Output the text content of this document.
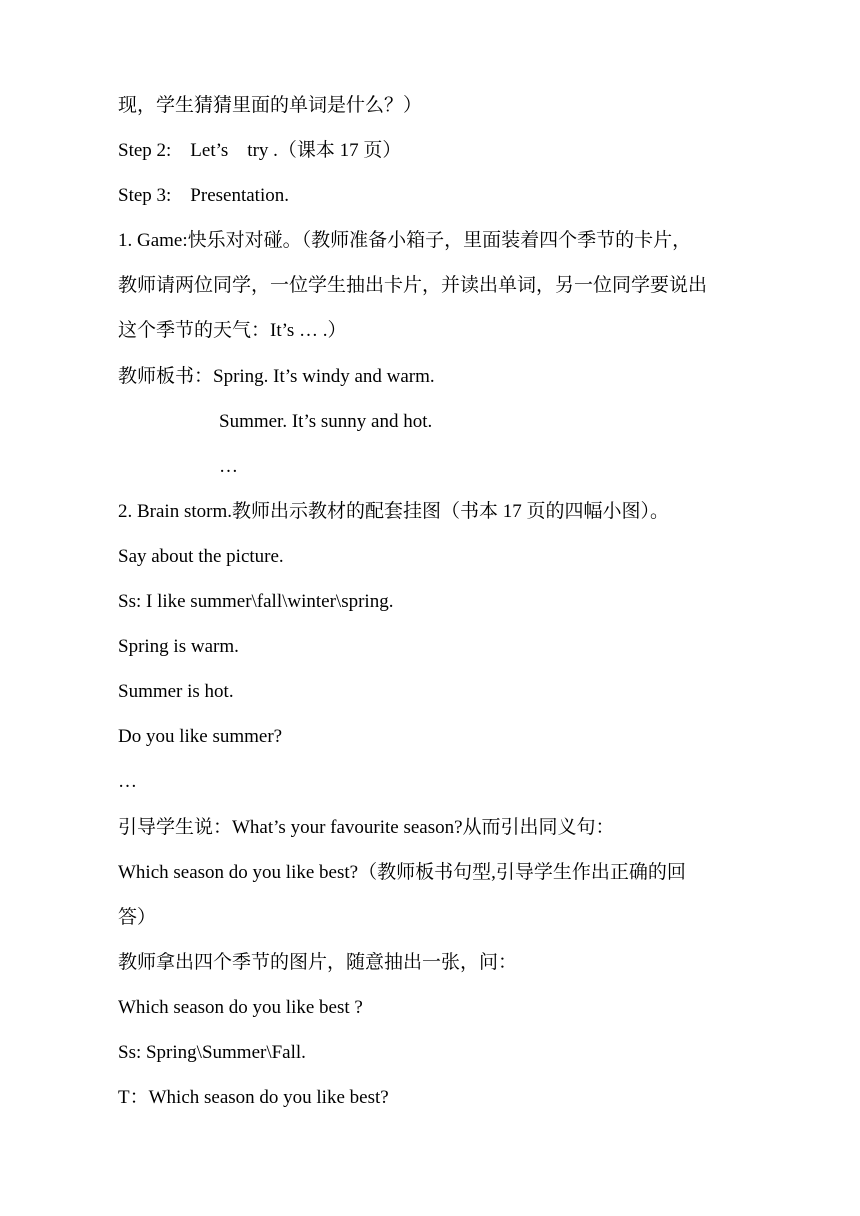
现，学生猜猜里面的单词是什么？）
Step 2:    Let’s    try .（课本 17 页）
Step 3:    Presentation.
1. Game:快乐对对碰。（教师准备小箱子，里面装着四个季节的卡片，
教师请两位同学，一位学生抽出卡片，并读出单词，另一位同学要说出
这个季节的天气：It’s … .）
教师板书：Spring. It’s windy and warm.
Summer. It’s sunny and hot.
…
2. Brain storm.教师出示教材的配套挂图（书本 17 页的四幅小图）。
Say about the picture.
Ss: I like summer\fall\winter\spring.
Spring is warm.
Summer is hot.
Do you like summer?
…
引导学生说：What’s your favourite season?从而引出同义句：
Which season do you like best?（教师板书句型,引导学生作出正确的回
答）
教师拿出四个季节的图片，随意抽出一张，问：
Which season do you like best ?
Ss: Spring\Summer\Fall.
T：Which season do you like best?
